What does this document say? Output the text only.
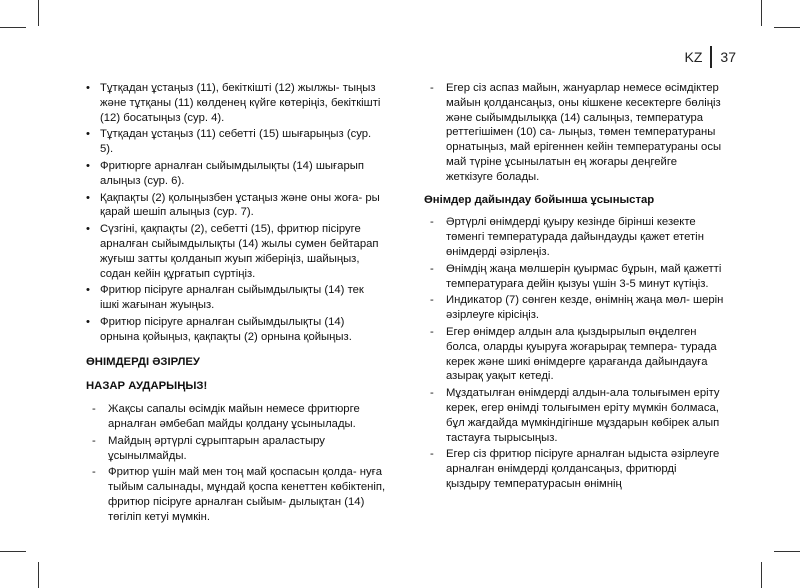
KZ	37
• Тұтқадан ұстаңыз (11), бекіткішті (12) жылжы- тыңыз және тұтқаны (11) көлденең күйге көтеріңіз, бекіткішті (12) босатыңыз (сур. 4).
• Тұтқадан ұстаңыз (11) себетті (15) шығарыңыз (сур. 5).
• Фритюрге арналған сыйымдылықты (14) шығарып алыңыз (сур. 6).
• Қақпақты (2) қолыңызбен ұстаңыз және оны жоға- ры қарай шешіп алыңыз (сур. 7).
• Сүзгіні, қақпақты (2), себетті (15), фритюр пісіруге арналған сыйымдылықты (14) жылы сумен бейтарап жуғыш затты қолданып жуып жіберіңіз, шайыңыз, содан кейін құрғатып сүртіңіз.
• Фритюр пісіруге арналған сыйымдылықты (14) тек ішкі жағынан жуыңыз.
• Фритюр пісіруге арналған сыйымдылықты (14) орнына қойыңыз, қақпақты (2) орнына қойыңыз.
ӨНІМДЕРДІ ӘЗІРЛЕУ
НАЗАР АУДАРЫҢЫЗ!
- Жақсы сапалы өсімдік майын немесе фритюрге арналған әмбебап майды қолдану ұсынылады.
- Майдың әртүрлі сұрыптарын араластыру ұсынылмайды.
- Фритюр үшін май мен тоң май қоспасын қолда- нуға тыйым салынады, мұндай қоспа кенеттен көбіктеніп, фритюр пісіруге арналған сыйым- дылықтан (14) төгіліп кетуі мүмкін.
- Егер сіз аспаз майын, жануарлар немесе өсімдіктер майын қолдансаңыз, оны кішкене кесектерге бөліңіз және сыйымдылыққа (14) салыңыз, температура реттегішімен (10) са- лыңыз, төмен температураны орнатыңыз, май ерігеннен кейін температураны осы май түріне ұсынылатын ең жоғары деңгейге жеткізуге болады.
Өнімдер дайындау бойынша ұсыныстар
- Әртүрлі өнімдерді қуыру кезінде бірінші кезекте төменгі температурада дайындауды қажет ететін өнімдерді әзірлеңіз.
- Өнімдің жаңа мөлшерін қуырмас бұрын, май қажетті температураға дейін қызуы үшін 3-5 минут күтіңіз.
- Индикатор (7) сөнген кезде, өнімнің жаңа мөл- шерін әзірлеуге кірісіңіз.
- Егер өнімдер алдын ала қыздырылып өңделген болса, оларды қуыруға жоғарырақ темпера- турада керек және шикі өнімдерге қарағанда дайындауға азырақ уақыт кетеді.
- Мұздатылған өнімдерді алдын-ала толығымен еріту керек, егер өнімді толығымен еріту мүмкін болмаса, бұл жағдайда мүмкіндігінше мұздарын көбірек алып тастауға тырысыңыз.
- Егер сіз фритюр пісіруге арналған ыдыста әзірлеуге арналған өнімдерді қолдансаңыз, фритюрді қыздыру температурасын өнімнің
